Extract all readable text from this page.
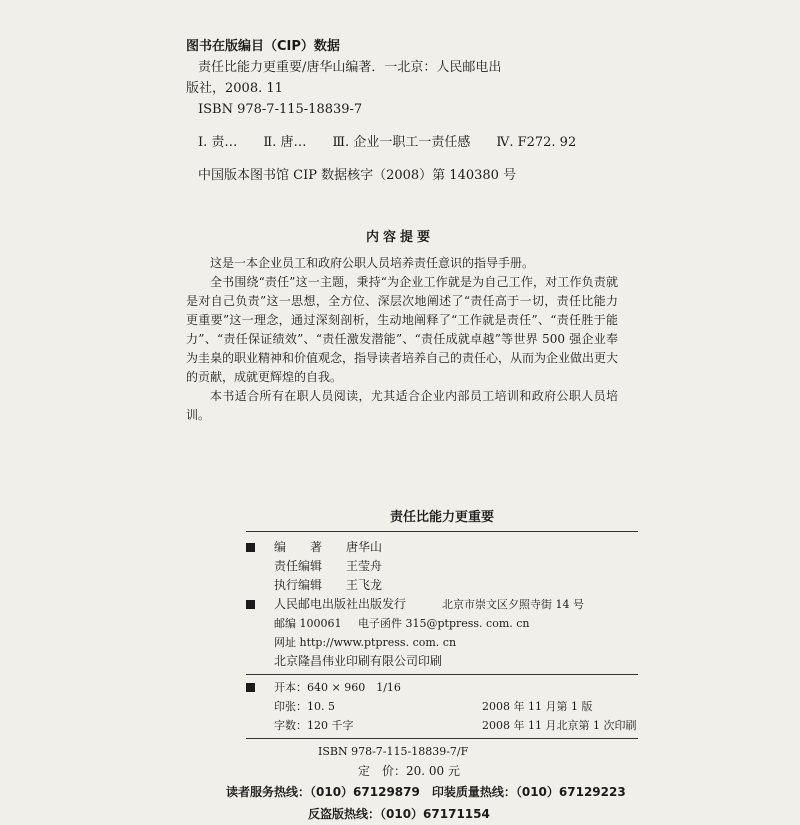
图书在版编目（CIP）数据
责任比能力更重要/唐华山编著．一北京：人民邮电出
版社，2008. 11
ISBN 978-7-115-18839-7
Ⅰ. 责… Ⅱ. 唐… Ⅲ. 企业一职工一责任感 Ⅳ. F272. 92
中国版本图书馆 CIP 数据核字（2008）第 140380 号
内容提要

这是一本企业员工和政府公职人员培养责任意识的指导手册。

全书围绕“责任”这一主题，秉持“为企业工作就是为自己工作，对工作负责就是对自己负责”这一思想，全方位、深层次地阐述了“责任高于一切，责任比能力更重要”这一理念，通过深刻剖析，生动地阐释了“工作就是责任”、“责任胜于能力”、“责任保证绩效”、“责任激发潜能”、“责任成就卓越”等世界 500 强企业奉为圭臬的职业精神和价值观念，指导读者培养自己的责任心，从而为企业做出更大的贡献，成就更辉煌的自我。

本书适合所有在职人员阅读，尤其适合企业内部员工培训和政府公职人员培训。

责任比能力更重要
编　　著 唐华山
责任编辑 王莹舟
执行编辑 王飞龙
人民邮电出版社出版发行	北京市崇文区夕照寺街 14 号
邮编 100061 电子函件 315@ptpress. com. cn
网址 http://www.ptpress. com. cn
北京隆昌伟业印刷有限公司印刷
开本：640 × 960　1/16
印张：10. 5	2008 年 11 月第 1 版
字数：120 千字	2008 年 11 月北京第 1 次印刷
ISBN 978-7-115-18839-7/F
定　价：20. 00 元
读者服务热线：（010）67129879　印装质量热线：（010）67129223
反盗版热线：（010）67171154
